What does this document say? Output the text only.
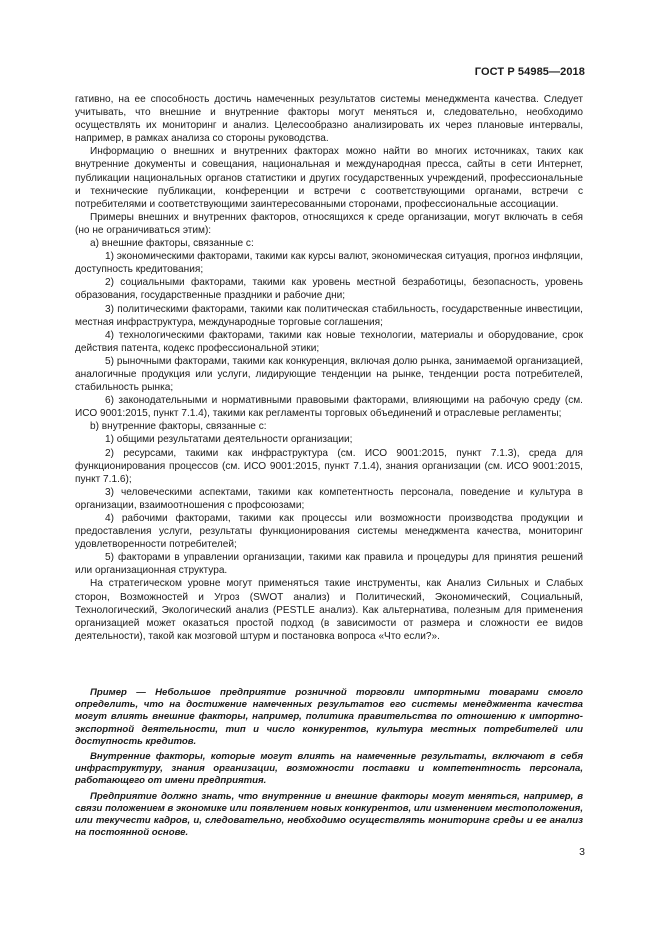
ГОСТ Р 54985—2018

гативно, на ее способность достичь намеченных результатов системы менеджмента качества. Следует учитывать, что внешние и внутренние факторы могут меняться и, следовательно, необходимо осуществлять их мониторинг и анализ. Целесообразно анализировать их через плановые интервалы, например, в рамках анализа со стороны руководства.

Информацию о внешних и внутренних факторах можно найти во многих источниках, таких как внутренние документы и совещания, национальная и международная пресса, сайты в сети Интернет, публикации национальных органов статистики и других государственных учреждений, профессиональные и технические публикации, конференции и встречи с соответствующими органами, встречи с потребителями и соответствующими заинтересованными сторонами, профессиональные ассоциации.

Примеры внешних и внутренних факторов, относящихся к среде организации, могут включать в себя (но не ограничиваться этим):

а) внешние факторы, связанные с:

1) экономическими факторами, такими как курсы валют, экономическая ситуация, прогноз инфляции, доступность кредитования;

2) социальными факторами, такими как уровень местной безработицы, безопасность, уровень образования, государственные праздники и рабочие дни;

3) политическими факторами, такими как политическая стабильность, государственные инвестиции, местная инфраструктура, международные торговые соглашения;

4) технологическими факторами, такими как новые технологии, материалы и оборудование, срок действия патента, кодекс профессиональной этики;

5) рыночными факторами, такими как конкуренция, включая долю рынка, занимаемой организацией, аналогичные продукция или услуги, лидирующие тенденции на рынке, тенденции роста потребителей, стабильность рынка;

6) законодательными и нормативными правовыми факторами, влияющими на рабочую среду (см. ИСО 9001:2015, пункт 7.1.4), такими как регламенты торговых объединений и отраслевые регламенты;

b) внутренние факторы, связанные с:

1) общими результатами деятельности организации;

2) ресурсами, такими как инфраструктура (см. ИСО 9001:2015, пункт 7.1.3), среда для функционирования процессов (см. ИСО 9001:2015, пункт 7.1.4), знания организации (см. ИСО 9001:2015, пункт 7.1.6);

3) человеческими аспектами, такими как компетентность персонала, поведение и культура в организации, взаимоотношения с профсоюзами;

4) рабочими факторами, такими как процессы или возможности производства продукции и предоставления услуги, результаты функционирования системы менеджмента качества, мониторинг удовлетворенности потребителей;

5) факторами в управлении организации, такими как правила и процедуры для принятия решений или организационная структура.

На стратегическом уровне могут применяться такие инструменты, как Анализ Сильных и Слабых сторон, Возможностей и Угроз (SWOT анализ) и Политический, Экономический, Социальный, Технологический, Экологический анализ (PESTLE анализ). Как альтернатива, полезным для применения организацией может оказаться простой подход (в зависимости от размера и сложности ее видов деятельности), такой как мозговой штурм и постановка вопроса «Что если?».

Пример — Небольшое предприятие розничной торговли импортными товарами смогло определить, что на достижение намеченных результатов его системы менеджмента качества могут влиять внешние факторы, например, политика правительства по отношению к импортно-экспортной деятельности, тип и число конкурентов, культура местных потребителей или доступность кредитов.

Внутренние факторы, которые могут влиять на намеченные результаты, включают в себя инфраструктуру, знания организации, возможности поставки и компетентность персонала, работающего от имени предприятия.

Предприятие должно знать, что внутренние и внешние факторы могут меняться, например, в связи положением в экономике или появлением новых конкурентов, или изменением местоположения, или текучести кадров, и, следовательно, необходимо осуществлять мониторинг среды и ее анализ на постоянной основе.

3
